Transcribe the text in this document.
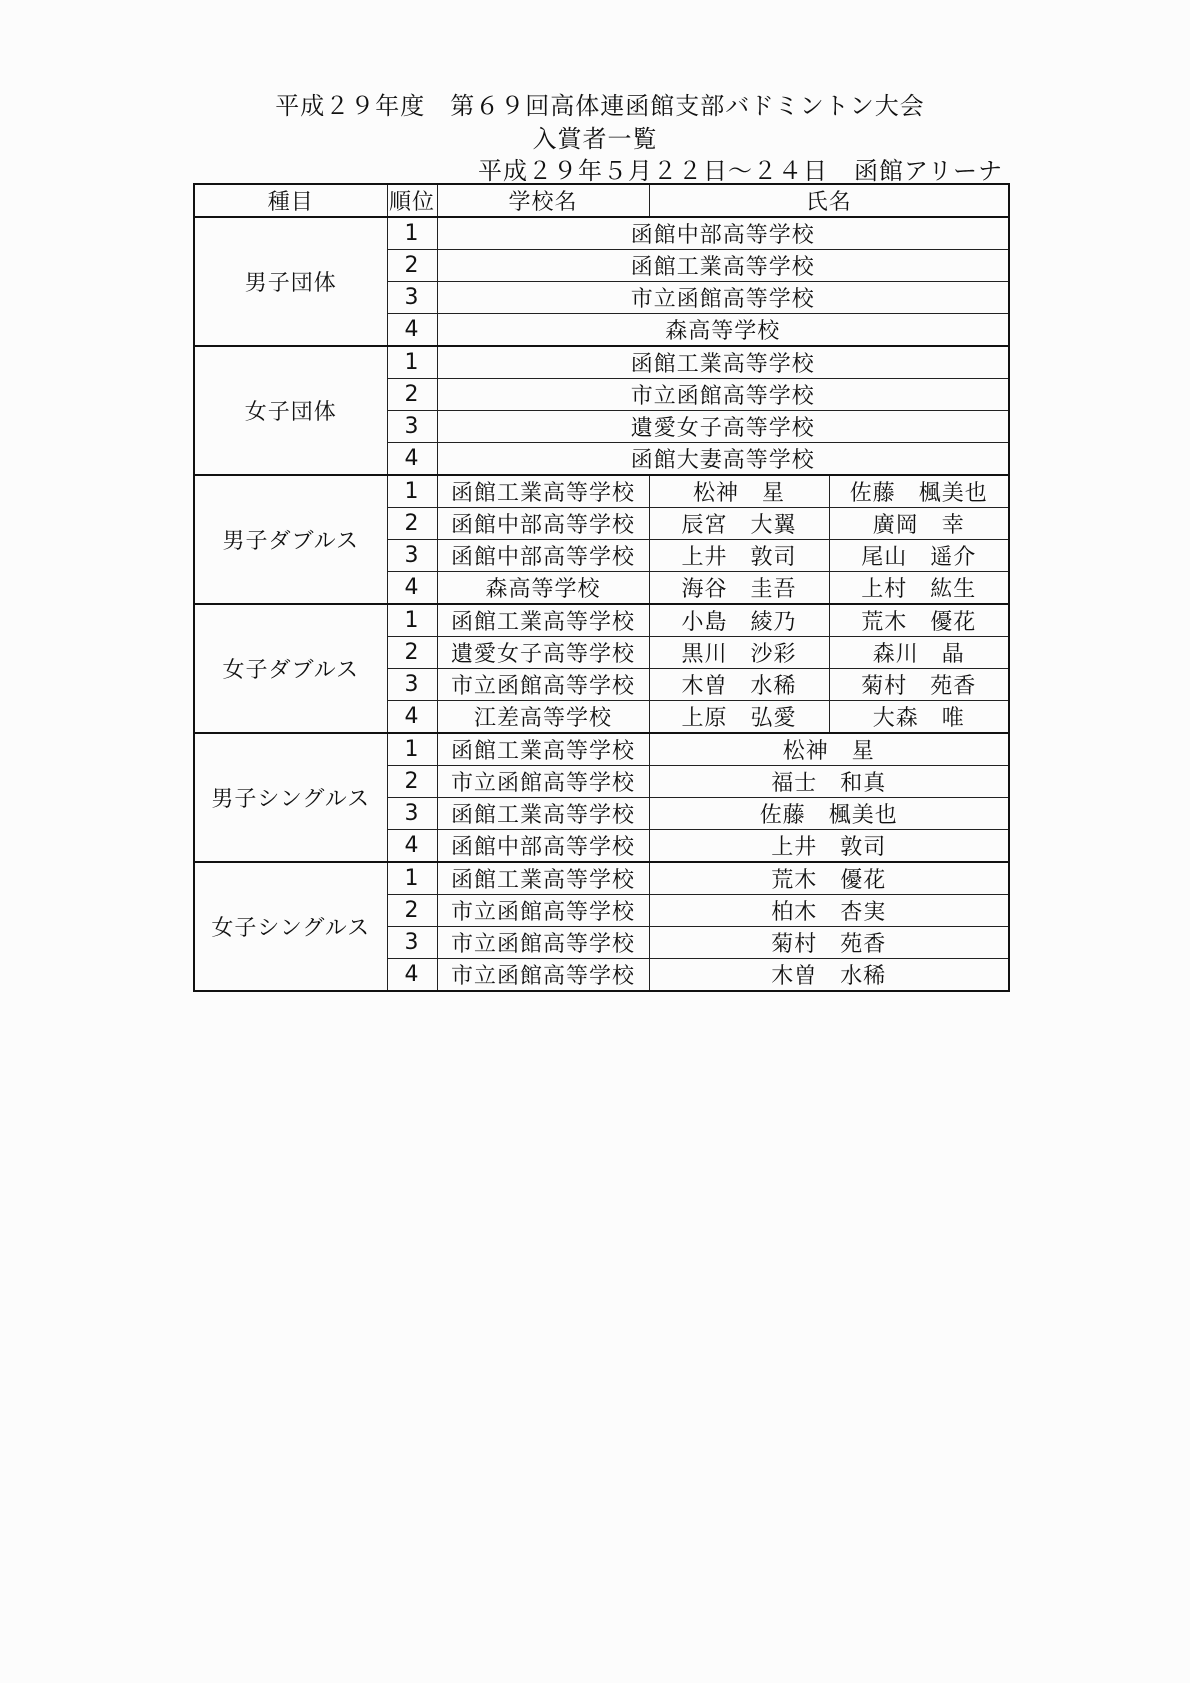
平成２９年度　第６９回高体連函館支部バドミントン大会
入賞者一覧
平成２９年５月２２日～２４日 函館アリーナ
種目	順位	学校名	氏名	
男子団体	1	函館中部高等学校		
	2	函館工業高等学校		
	3	市立函館高等学校		
	4	森高等学校		
女子団体	1	函館工業高等学校		
	2	市立函館高等学校		
	3	遺愛女子高等学校		
	4	函館大妻高等学校		
男子ダブルス	1	函館工業高等学校	松神　星	佐藤　楓美也
	2	函館中部高等学校	辰宮　大翼	廣岡　幸
	3	函館中部高等学校	上井　敦司	尾山　遥介
	4	森高等学校	海谷　圭吾	上村　紘生
女子ダブルス	1	函館工業高等学校	小島　綾乃	荒木　優花
	2	遺愛女子高等学校	黒川　沙彩	森川　晶
	3	市立函館高等学校	木曽　水稀	菊村　苑香
	4	江差高等学校	上原　弘愛	大森　唯
男子シングルス	1	函館工業高等学校	松神　星	
	2	市立函館高等学校	福士　和真	
	3	函館工業高等学校	佐藤　楓美也	
	4	函館中部高等学校	上井　敦司	
女子シングルス	1	函館工業高等学校	荒木　優花	
	2	市立函館高等学校	柏木　杏実	
	3	市立函館高等学校	菊村　苑香	
	4	市立函館高等学校	木曽　水稀	
